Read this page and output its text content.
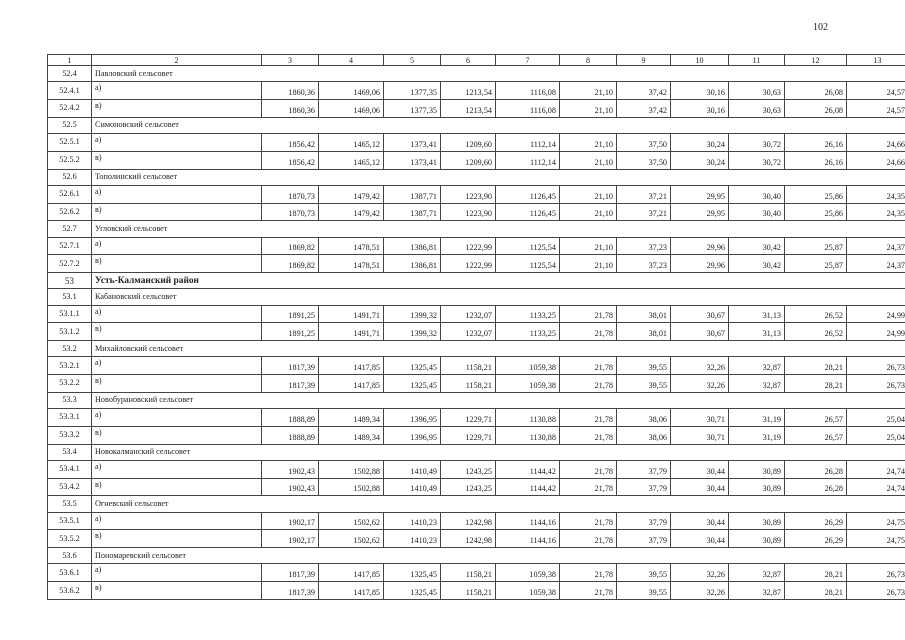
102
1	2	3	4	5	6	7	8	9	10	11	12	13
52.4	Павловский сельсовет											
52.4.1	а)	1860,36	1469,06	1377,35	1213,54	1116,08	21,10	37,42	30,16	30,63	26,08	24,57
52.4.2	в)	1860,36	1469,06	1377,35	1213,54	1116,08	21,10	37,42	30,16	30,63	26,08	24,57
52.5	Симоновский сельсовет											
52.5.1	а)	1856,42	1465,12	1373,41	1209,60	1112,14	21,10	37,50	30,24	30,72	26,16	24,66
52.5.2	в)	1856,42	1465,12	1373,41	1209,60	1112,14	21,10	37,50	30,24	30,72	26,16	24,66
52.6	Тополинский сельсовет											
52.6.1	а)	1870,73	1479,42	1387,71	1223,90	1126,45	21,10	37,21	29,95	30,40	25,86	24,35
52.6.2	в)	1870,73	1479,42	1387,71	1223,90	1126,45	21,10	37,21	29,95	30,40	25,86	24,35
52.7	Угловский сельсовет											
52.7.1	а)	1869,82	1478,51	1386,81	1222,99	1125,54	21,10	37,23	29,96	30,42	25,87	24,37
52.7.2	в)	1869,82	1478,51	1386,81	1222,99	1125,54	21,10	37,23	29,96	30,42	25,87	24,37
53	Усть-Калманский район											
53.1	Кабановский сельсовет											
53.1.1	а)	1891,25	1491,71	1399,32	1232,07	1133,25	21,78	38,01	30,67	31,13	26,52	24,99
53.1.2	в)	1891,25	1491,71	1399,32	1232,07	1133,25	21,78	38,01	30,67	31,13	26,52	24,99
53.2	Михайловский сельсовет											
53.2.1	а)	1817,39	1417,85	1325,45	1158,21	1059,38	21,78	39,55	32,26	32,87	28,21	26,73
53.2.2	в)	1817,39	1417,85	1325,45	1158,21	1059,38	21,78	39,55	32,26	32,87	28,21	26,73
53.3	Новобурановский сельсовет											
53.3.1	а)	1888,89	1489,34	1396,95	1229,71	1130,88	21,78	38,06	30,71	31,19	26,57	25,04
53.3.2	в)	1888,89	1489,34	1396,95	1229,71	1130,88	21,78	38,06	30,71	31,19	26,57	25,04
53.4	Новокалманский сельсовет											
53.4.1	а)	1902,43	1502,88	1410,49	1243,25	1144,42	21,78	37,79	30,44	30,89	26,28	24,74
53.4.2	в)	1902,43	1502,88	1410,49	1243,25	1144,42	21,78	37,79	30,44	30,89	26,28	24,74
53.5	Огневский сельсовет											
53.5.1	а)	1902,17	1502,62	1410,23	1242,98	1144,16	21,78	37,79	30,44	30,89	26,29	24,75
53.5.2	в)	1902,17	1502,62	1410,23	1242,98	1144,16	21,78	37,79	30,44	30,89	26,29	24,75
53.6	Пономаревский сельсовет											
53.6.1	а)	1817,39	1417,85	1325,45	1158,21	1059,38	21,78	39,55	32,26	32,87	28,21	26,73
53.6.2	в)	1817,39	1417,85	1325,45	1158,21	1059,38	21,78	39,55	32,26	32,87	28,21	26,73
